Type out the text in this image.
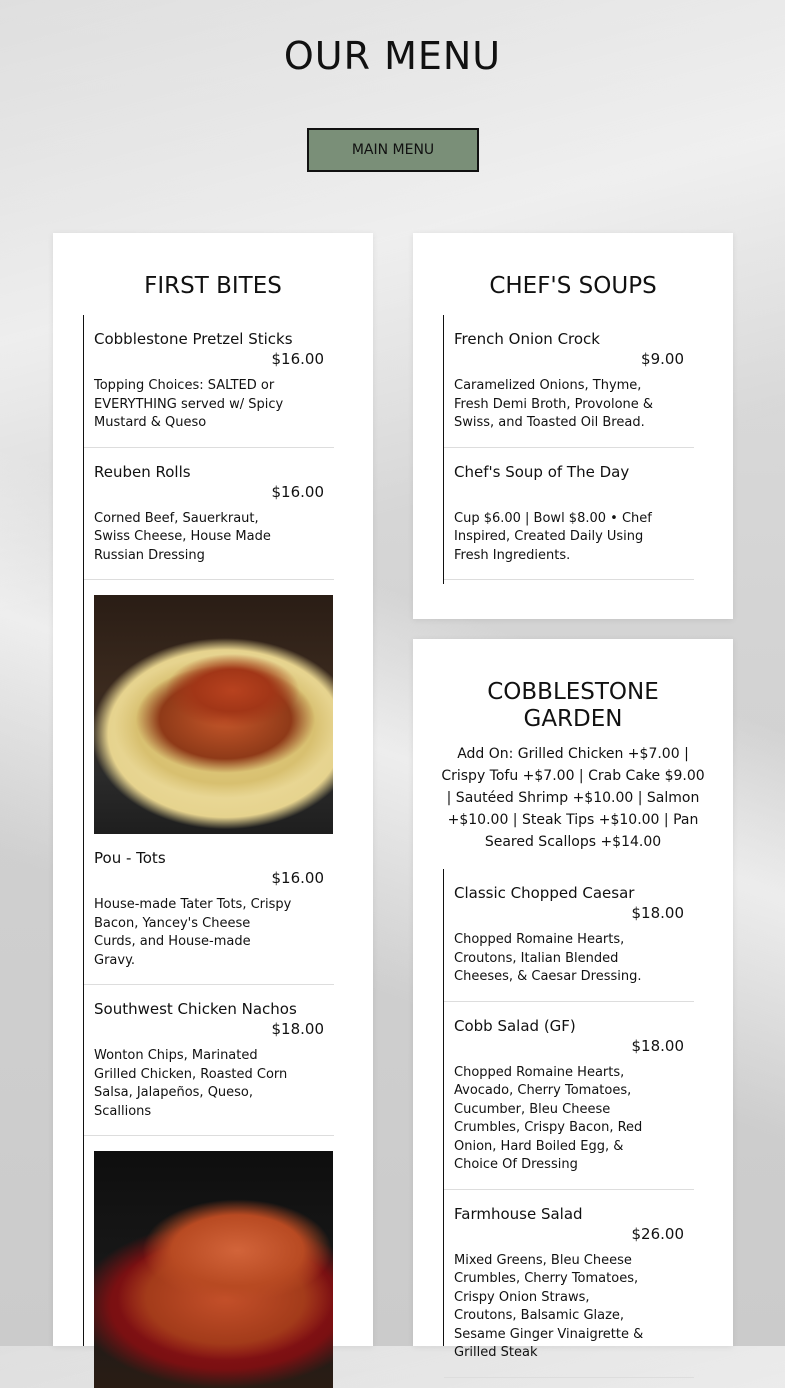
OUR MENU
MAIN MENU
FIRST BITES
Cobblestone Pretzel Sticks
$16.00
Topping Choices: SALTED or EVERYTHING served w/ Spicy Mustard & Queso
Reuben Rolls
$16.00
Corned Beef, Sauerkraut, Swiss Cheese, House Made Russian Dressing
Pou - Tots
$16.00
House-made Tater Tots, Crispy Bacon, Yancey's Cheese Curds, and House-made Gravy.
Southwest Chicken Nachos
$18.00
Wonton Chips, Marinated Grilled Chicken, Roasted Corn Salsa, Jalapeños, Queso, Scallions
CHEF'S SOUPS
French Onion Crock
$9.00
Caramelized Onions, Thyme, Fresh Demi Broth, Provolone & Swiss, and Toasted Oil Bread.
Chef's Soup of The Day
Cup $6.00 | Bowl $8.00 • Chef Inspired, Created Daily Using Fresh Ingredients.
COBBLESTONE GARDEN
Add On: Grilled Chicken +$7.00 | Crispy Tofu +$7.00 | Crab Cake $9.00 | Sautéed Shrimp +$10.00 | Salmon +$10.00 | Steak Tips +$10.00 | Pan Seared Scallops +$14.00
Classic Chopped Caesar
$18.00
Chopped Romaine Hearts, Croutons, Italian Blended Cheeses, & Caesar Dressing.
Cobb Salad (GF)
$18.00
Chopped Romaine Hearts, Avocado, Cherry Tomatoes, Cucumber, Bleu Cheese Crumbles, Crispy Bacon, Red Onion, Hard Boiled Egg, & Choice Of Dressing
Farmhouse Salad
$26.00
Mixed Greens, Bleu Cheese Crumbles, Cherry Tomatoes, Crispy Onion Straws, Croutons, Balsamic Glaze, Sesame Ginger Vinaigrette & Grilled Steak
